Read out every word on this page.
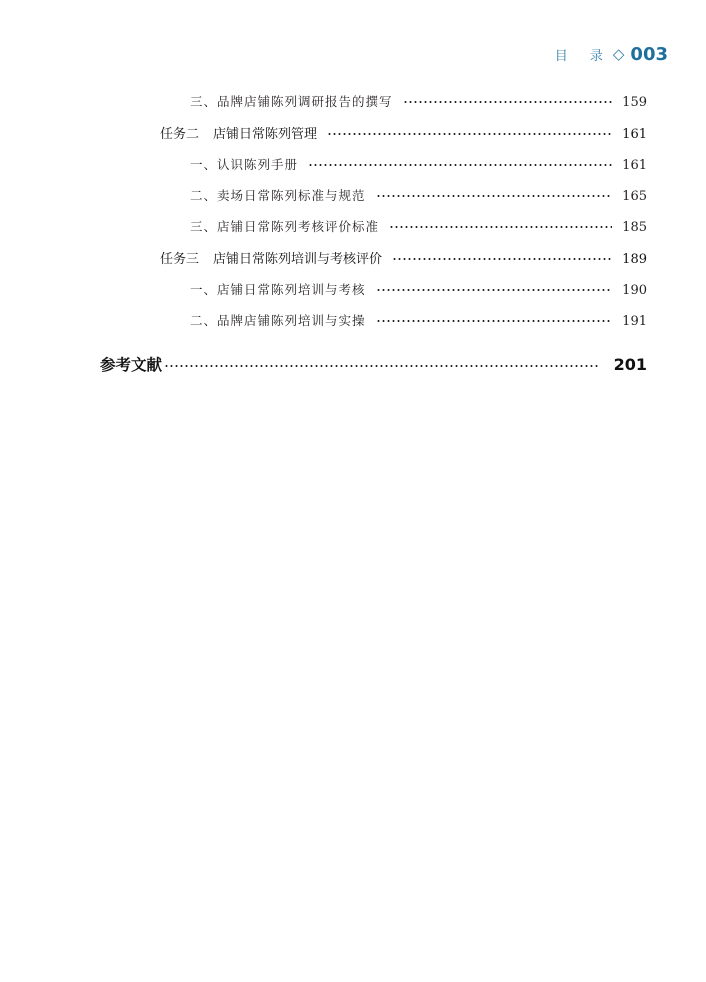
目 录 ◇ 003
三、品牌店铺陈列调研报告的撰写	159
任务二 店铺日常陈列管理	161
一、认识陈列手册	161
二、卖场日常陈列标准与规范	165
三、店铺日常陈列考核评价标准	185
任务三 店铺日常陈列培训与考核评价	189
一、店铺日常陈列培训与考核	190
二、品牌店铺陈列培训与实操	191
参考文献	201
